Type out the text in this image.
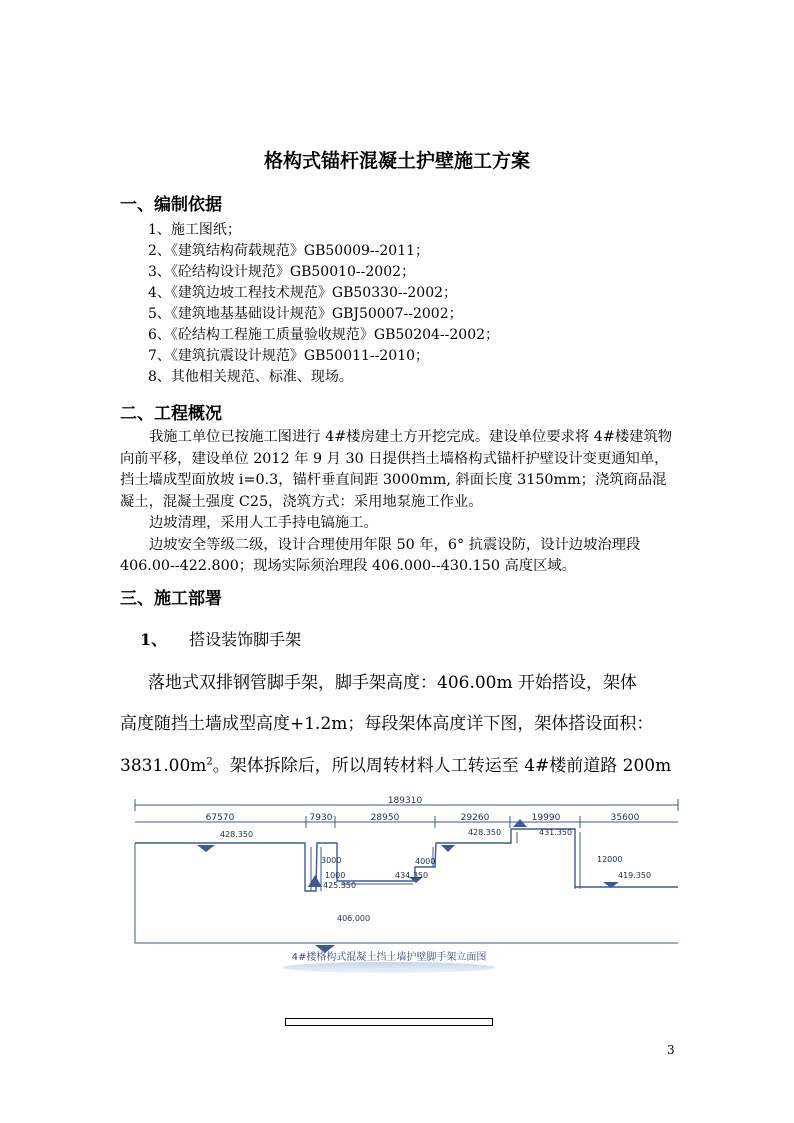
格构式锚杆混凝土护壁施工方案
一、编制依据
1、施工图纸；
2、《建筑结构荷载规范》GB50009--2011；
3、《砼结构设计规范》GB50010--2002；
4、《建筑边坡工程技术规范》GB50330--2002；
5、《建筑地基基础设计规范》GBJ50007--2002；
6、《砼结构工程施工质量验收规范》GB50204--2002；
7、《建筑抗震设计规范》GB50011--2010；
8、其他相关规范、标准、现场。
二、工程概况

我施工单位已按施工图进行 4#楼房建土方开挖完成。建设单位要求将 4#楼建筑物向前平移，建设单位 2012 年 9 月 30 日提供挡土墙格构式锚杆护壁设计变更通知单，挡土墙成型面放坡 i=0.3，锚杆垂直间距 3000mm, 斜面长度 3150mm；浇筑商品混凝土，混凝土强度 C25，浇筑方式：采用地泵施工作业。

边坡清理，采用人工手持电镐施工。

边坡安全等级二级，设计合理使用年限 50 年，6° 抗震设防，设计边坡治理段 406.00--422.800；现场实际须治理段 406.000--430.150 高度区域。

三、施工部署
1、 搭设装饰脚手架
落地式双排钢管脚手架，脚手架高度：406.00m 开始搭设，架体
高度随挡土墙成型高度+1.2m；每段架体高度详下图，架体搭设面积：
$3831.00m^2$。架体拆除后，所以周转材料人工转运至 4#楼前道路 200m
189310
67570	7930	28950	29260	19990	35600
428.350
425.350
434.350
428.350	431.350
419.350
406.000
3000
1000
4000	12000
4#楼格构式混凝土挡土墙护壁脚手架立面图
3
